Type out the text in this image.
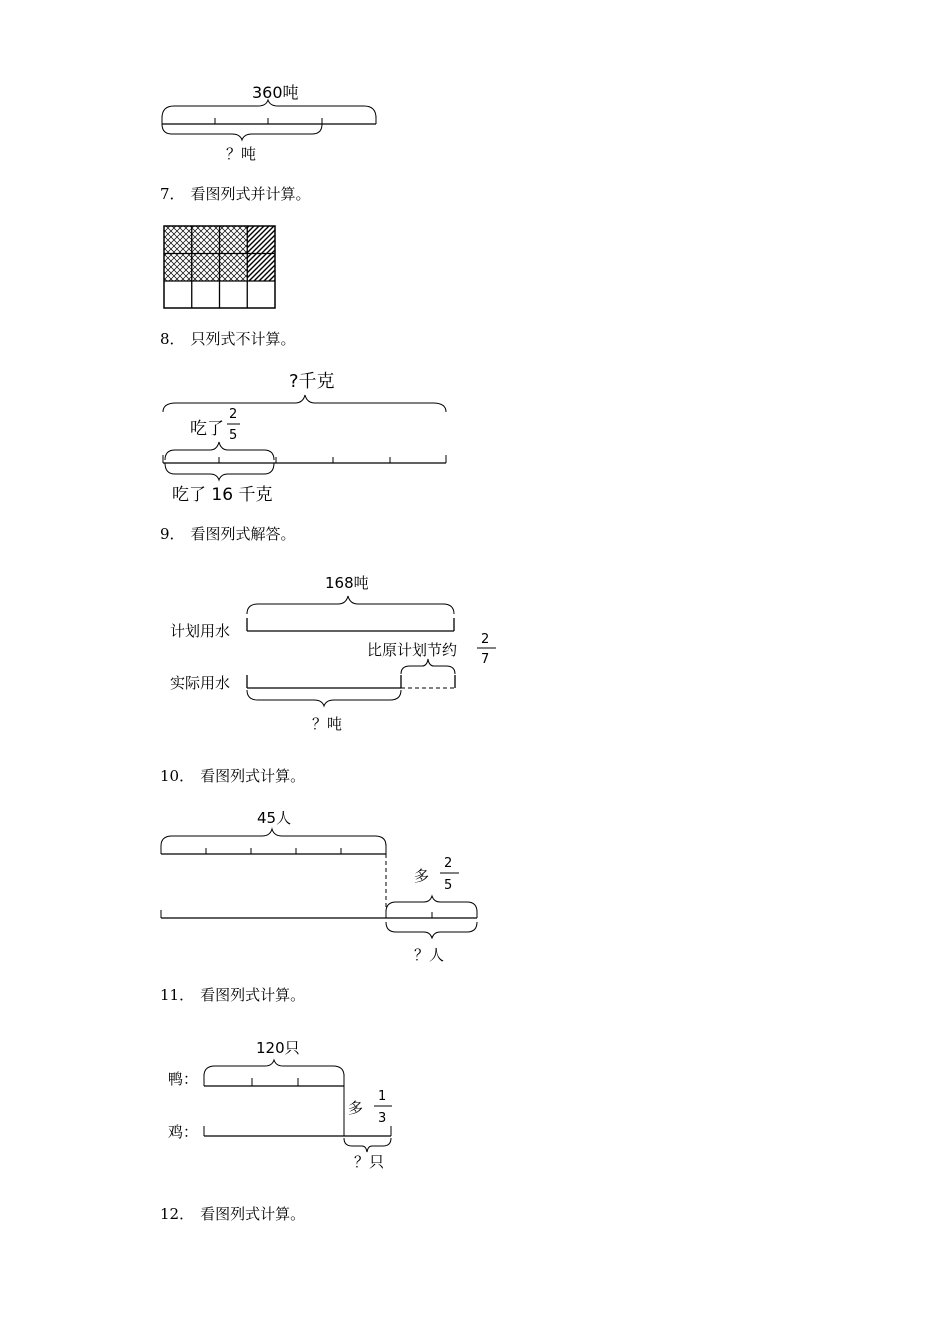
360吨
？吨
7． 看图列式并计算。
8． 只列式不计算。
?千克
吃了
2
5
吃了 16 千克
9． 看图列式解答。
168吨
计划用水
比原计划节约
2
7
实际用水
？吨
10． 看图列式计算。
45人
多
2
5
？人
11． 看图列式计算。
120只
鸭：
多
1
3
鸡：
？只
12． 看图列式计算。
